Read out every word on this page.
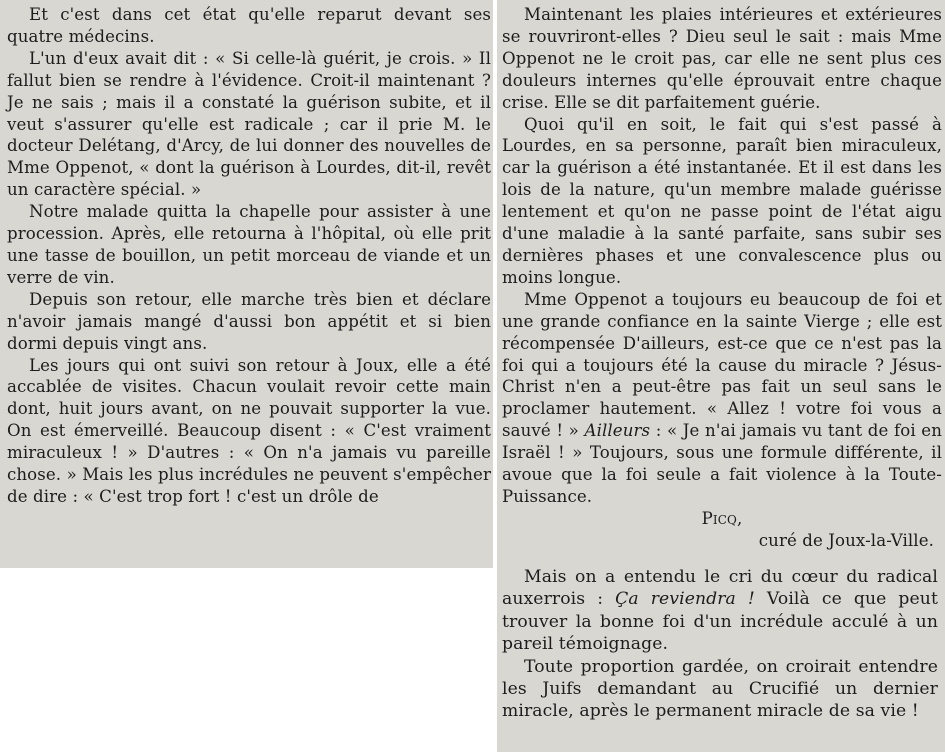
Et c'est dans cet état qu'elle reparut devant ses quatre médecins.

L'un d'eux avait dit : « Si celle-là guérit, je crois. » Il fallut bien se rendre à l'évidence. Croit-il maintenant ? Je ne sais ; mais il a constaté la guérison subite, et il veut s'assurer qu'elle est radicale ; car il prie M. le docteur Delétang, d'Arcy, de lui donner des nouvelles de Mme Oppenot, « dont la guérison à Lourdes, dit-il, revêt un caractère spécial. »

Notre malade quitta la chapelle pour assister à une procession. Après, elle retourna à l'hôpital, où elle prit une tasse de bouillon, un petit morceau de viande et un verre de vin.

Depuis son retour, elle marche très bien et déclare n'avoir jamais mangé d'aussi bon appétit et si bien dormi depuis vingt ans.

Les jours qui ont suivi son retour à Joux, elle a été accablée de visites. Chacun voulait revoir cette main dont, huit jours avant, on ne pouvait supporter la vue. On est émerveillé. Beaucoup disent : « C'est vraiment miraculeux ! » D'autres : « On n'a jamais vu pareille chose. » Mais les plus incrédules ne peuvent s'empêcher de dire : « C'est trop fort ! c'est un drôle de

Maintenant les plaies intérieures et extérieures se rouvriront-elles ? Dieu seul le sait : mais Mme Oppenot ne le croit pas, car elle ne sent plus ces douleurs internes qu'elle éprouvait entre chaque crise. Elle se dit parfaitement guérie.

Quoi qu'il en soit, le fait qui s'est passé à Lourdes, en sa personne, paraît bien miraculeux, car la guérison a été instantanée. Et il est dans les lois de la nature, qu'un membre malade guérisse lentement et qu'on ne passe point de l'état aigu d'une maladie à la santé parfaite, sans subir ses dernières phases et une convalescence plus ou moins longue.

Mme Oppenot a toujours eu beaucoup de foi et une grande confiance en la sainte Vierge ; elle est récompensée D'ailleurs, est-ce que ce n'est pas la foi qui a toujours été la cause du miracle ? Jésus-Christ n'en a peut-être pas fait un seul sans le proclamer hautement. « Allez ! votre foi vous a sauvé ! » Ailleurs : « Je n'ai jamais vu tant de foi en Israël ! » Toujours, sous une formule différente, il avoue que la foi seule a fait violence à la Toute-Puissance.

Picq,

curé de Joux-la-Ville.

Mais on a entendu le cri du cœur du radical auxerrois : Ça reviendra ! Voilà ce que peut trouver la bonne foi d'un incrédule acculé à un pareil témoignage.

Toute proportion gardée, on croirait entendre les Juifs demandant au Crucifié un dernier miracle, après le permanent miracle de sa vie !
